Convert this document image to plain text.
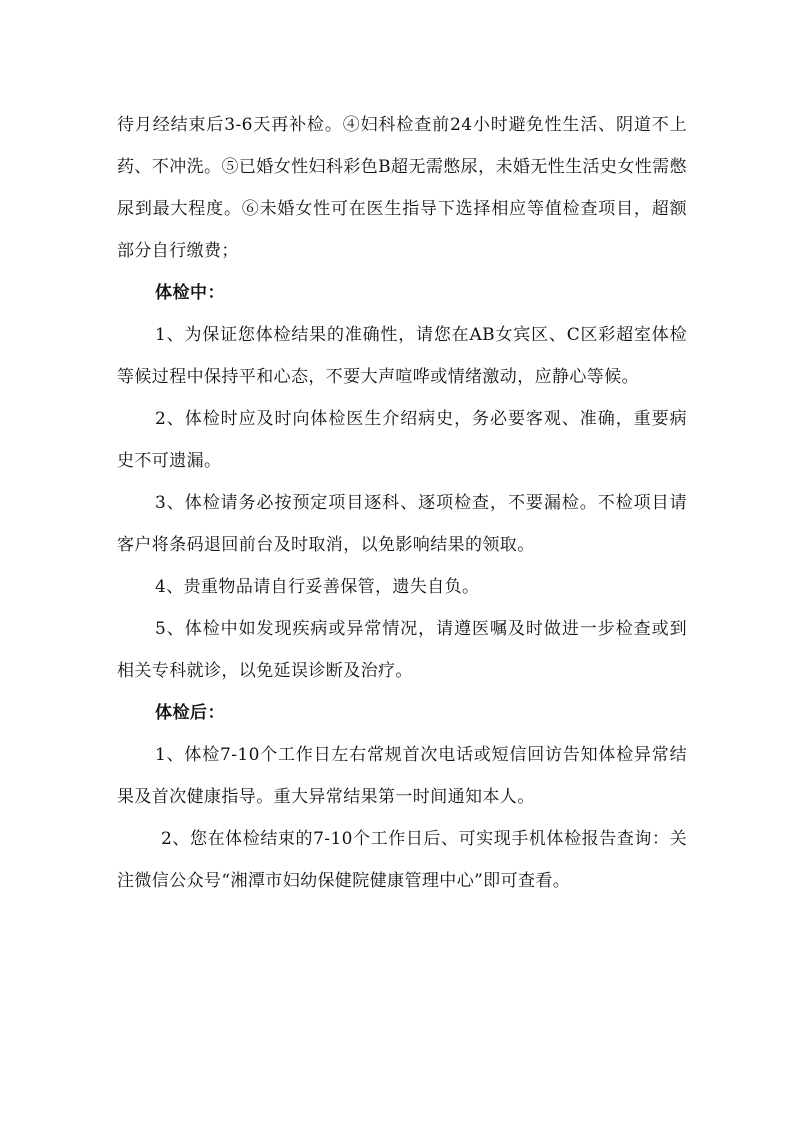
待月经结束后3-6天再补检。④妇科检查前24小时避免性生活、阴道不上药、不冲洗。⑤已婚女性妇科彩色B超无需憋尿，未婚无性生活史女性需憋尿到最大程度。⑥未婚女性可在医生指导下选择相应等值检查项目，超额部分自行缴费；

体检中：

1、为保证您体检结果的准确性，请您在AB女宾区、C区彩超室体检等候过程中保持平和心态，不要大声喧哗或情绪激动，应静心等候。

2、体检时应及时向体检医生介绍病史，务必要客观、准确，重要病史不可遗漏。

3、体检请务必按预定项目逐科、逐项检查，不要漏检。不检项目请客户将条码退回前台及时取消，以免影响结果的领取。

4、贵重物品请自行妥善保管，遗失自负。

5、体检中如发现疾病或异常情况，请遵医嘱及时做进一步检查或到相关专科就诊，以免延误诊断及治疗。

体检后：

1、体检7-10个工作日左右常规首次电话或短信回访告知体检异常结果及首次健康指导。重大异常结果第一时间通知本人。

2、您在体检结束的7-10个工作日后、可实现手机体检报告查询：关注微信公众号“湘潭市妇幼保健院健康管理中心”即可查看。
